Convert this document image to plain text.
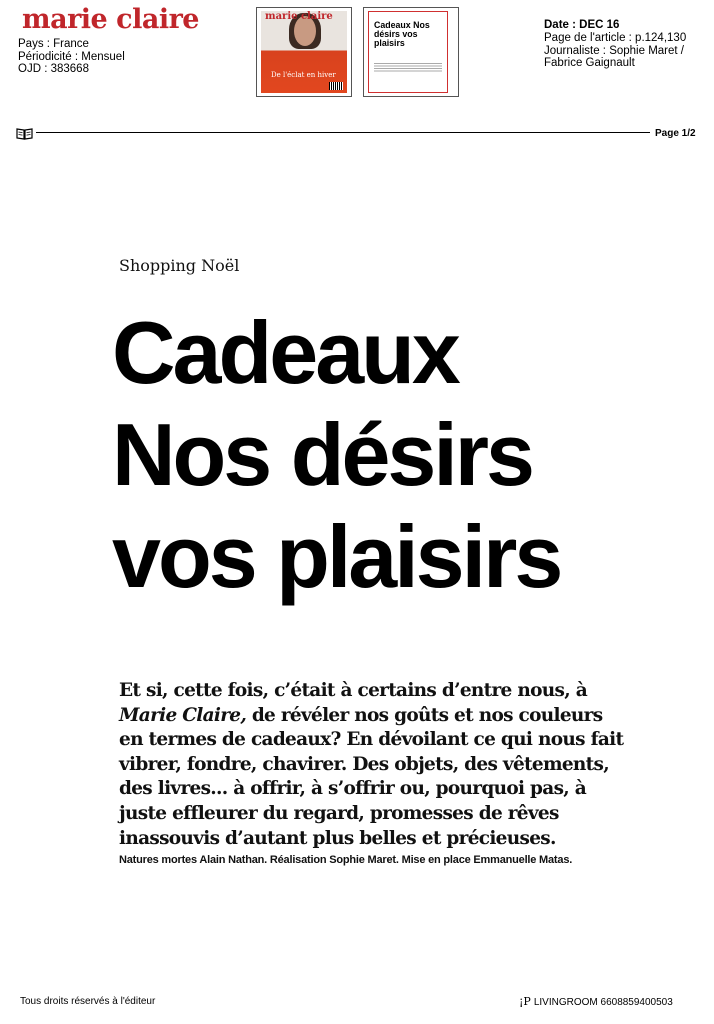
marie claire
Pays : France
Périodicité : Mensuel
OJD : 383668
marie claire
De l'éclat en hiver
Cadeaux Nos désirs vos plaisirs
Date : DEC 16
Page de l'article : p.124,130
Journaliste : Sophie Maret / Fabrice Gaignault
Page 1/2
Shopping Noël
Cadeaux
Nos désirs
vos plaisirs
Et si, cette fois, c’était à certains d’entre nous, à Marie Claire, de révéler nos goûts et nos couleurs en termes de cadeaux? En dévoilant ce qui nous fait vibrer, fondre, chavirer. Des objets, des vêtements, des livres... à offrir, à s’offrir ou, pourquoi pas, à juste effleurer du regard, promesses de rêves inassouvis d’autant plus belles et précieuses.
Natures mortes Alain Nathan. Réalisation Sophie Maret. Mise en place Emmanuelle Matas.
Tous droits réservés à l'éditeur	¡P LIVINGROOM 6608859400503
